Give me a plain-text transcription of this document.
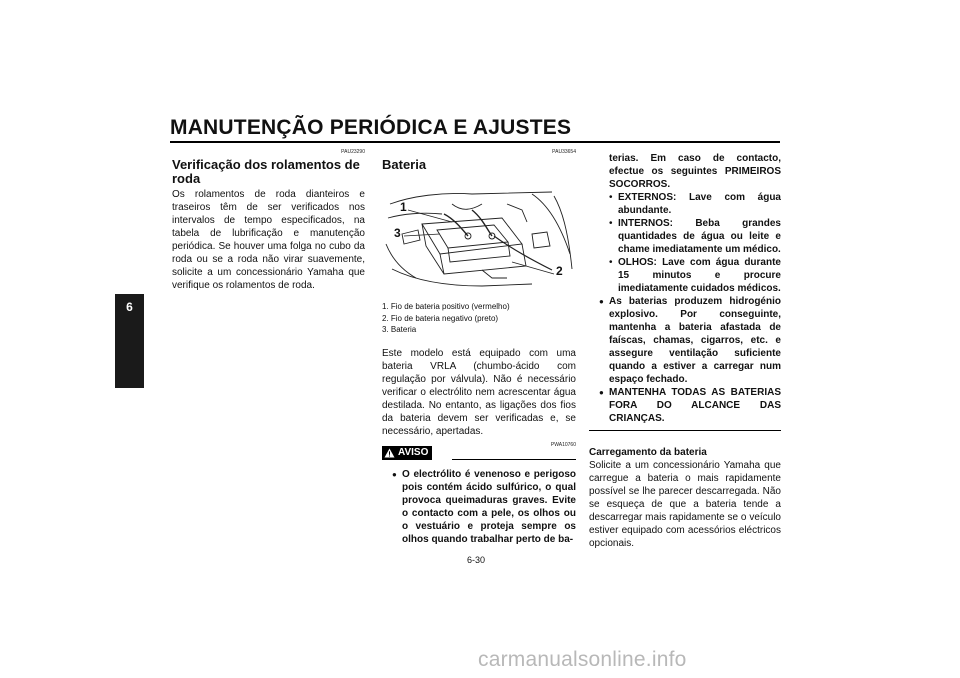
MANUTENÇÃO PERIÓDICA E AJUSTES
6
PAU23290
Verificação dos rolamentos de roda
Os rolamentos de roda dianteiros e traseiros têm de ser verificados nos intervalos de tempo especificados, na tabela de lubrificação e manutenção periódica. Se houver uma folga no cubo da roda ou se a roda não virar suavemente, solicite a um concessionário Yamaha que verifique os rolamentos de roda.
PAU33654
Bateria
1
3
2
1. Fio de bateria positivo (vermelho)
2. Fio de bateria negativo (preto)
3. Bateria
Este modelo está equipado com uma bateria VRLA (chumbo-ácido com regulação por válvula). Não é necessário verificar o electrólito nem acrescentar água destilada. No entanto, as ligações dos fios da bateria devem ser verificadas e, se necessário, apertadas.
AVISO
PWA10760
● O electrólito é venenoso e perigoso pois contém ácido sulfúrico, o qual provoca queimaduras graves. Evite o contacto com a pele, os olhos ou o vestuário e proteja sempre os olhos quando trabalhar perto de ba-
terias. Em caso de contacto, efectue os seguintes PRIMEIROS SOCORROS.
• EXTERNOS: Lave com água abundante.
• INTERNOS: Beba grandes quantidades de água ou leite e chame imediatamente um médico.
• OLHOS: Lave com água durante 15 minutos e procure imediatamente cuidados médicos.
● As baterias produzem hidrogénio explosivo. Por conseguinte, mantenha a bateria afastada de faíscas, chamas, cigarros, etc. e assegure ventilação suficiente quando a estiver a carregar num espaço fechado.
● MANTENHA TODAS AS BATERIAS FORA DO ALCANCE DAS CRIANÇAS.
Carregamento da bateria
Solicite a um concessionário Yamaha que carregue a bateria o mais rapidamente possível se lhe parecer descarregada. Não se esqueça de que a bateria tende a descarregar mais rapidamente se o veículo estiver equipado com acessórios eléctricos opcionais.
6-30
carmanualsonline.info
